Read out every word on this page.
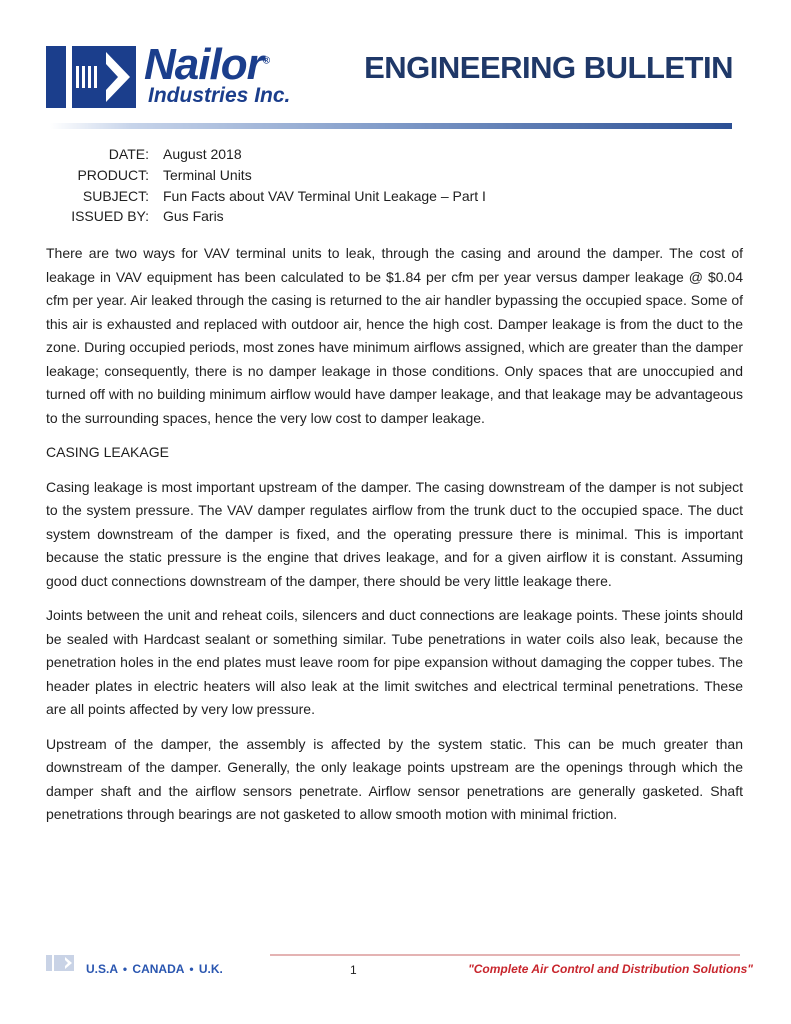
Nailor®
Industries Inc.
ENGINEERING BULLETIN
DATE:	August 2018
PRODUCT:	Terminal Units
SUBJECT:	Fun Facts about VAV Terminal Unit Leakage – Part I
ISSUED BY:	Gus Faris

There are two ways for VAV terminal units to leak, through the casing and around the damper. The cost of leakage in VAV equipment has been calculated to be $1.84 per cfm per year versus damper leakage @ $0.04 cfm per year. Air leaked through the casing is returned to the air handler bypassing the occupied space. Some of this air is exhausted and replaced with outdoor air, hence the high cost. Damper leakage is from the duct to the zone. During occupied periods, most zones have minimum airflows assigned, which are greater than the damper leakage; consequently, there is no damper leakage in those conditions. Only spaces that are unoccupied and turned off with no building minimum airflow would have damper leakage, and that leakage may be advantageous to the surrounding spaces, hence the very low cost to damper leakage.

CASING LEAKAGE

Casing leakage is most important upstream of the damper. The casing downstream of the damper is not subject to the system pressure. The VAV damper regulates airflow from the trunk duct to the occupied space. The duct system downstream of the damper is fixed, and the operating pressure there is minimal. This is important because the static pressure is the engine that drives leakage, and for a given airflow it is constant. Assuming good duct connections downstream of the damper, there should be very little leakage there.

Joints between the unit and reheat coils, silencers and duct connections are leakage points. These joints should be sealed with Hardcast sealant or something similar. Tube penetrations in water coils also leak, because the penetration holes in the end plates must leave room for pipe expansion without damaging the copper tubes. The header plates in electric heaters will also leak at the limit switches and electrical terminal penetrations. These are all points affected by very low pressure.

Upstream of the damper, the assembly is affected by the system static. This can be much greater than downstream of the damper. Generally, the only leakage points upstream are the openings through which the damper shaft and the airflow sensors penetrate. Airflow sensor penetrations are generally gasketed. Shaft penetrations through bearings are not gasketed to allow smooth motion with minimal friction.

U.S.A • CANADA • U.K.	1	"Complete Air Control and Distribution Solutions"
